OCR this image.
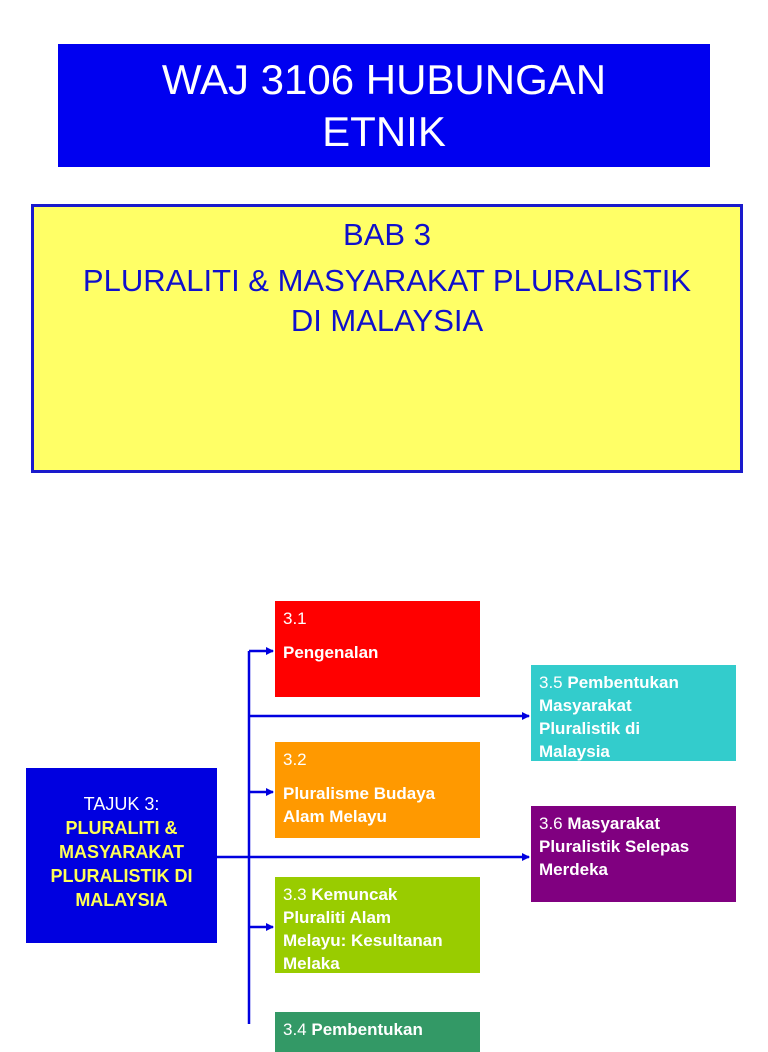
WAJ 3106 HUBUNGAN
ETNIK
BAB 3
PLURALITI & MASYARAKAT PLURALISTIK
DI MALAYSIA
TAJUK 3:
PLURALITI &
MASYARAKAT
PLURALISTIK DI
MALAYSIA
3.1
Pengenalan
3.2
Pluralisme Budaya
Alam Melayu
3.3 Kemuncak
Pluraliti Alam
Melayu: Kesultanan
Melaka
3.4 Pembentukan
3.5 Pembentukan
Masyarakat
Pluralistik di
Malaysia
3.6 Masyarakat
Pluralistik Selepas
Merdeka
